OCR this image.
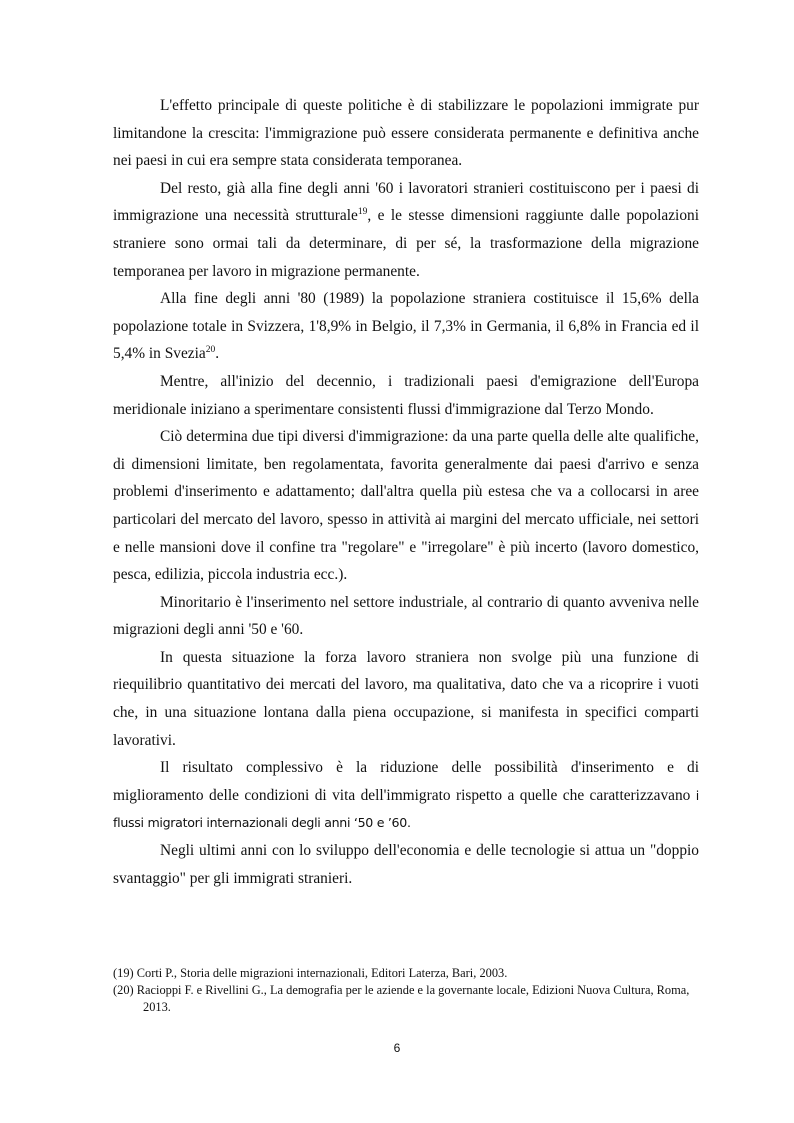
L'effetto principale di queste politiche è di stabilizzare le popolazioni immigrate pur limitandone la crescita: l'immigrazione può essere considerata permanente e definitiva anche nei paesi in cui era sempre stata considerata temporanea.

Del resto, già alla fine degli anni '60 i lavoratori stranieri costituiscono per i paesi di immigrazione una necessità strutturale$^{19}$, e le stesse dimensioni raggiunte dalle popolazioni straniere sono ormai tali da determinare, di per sé, la trasformazione della migrazione temporanea per lavoro in migrazione permanente.

Alla fine degli anni '80 (1989) la popolazione straniera costituisce il 15,6% della popolazione totale in Svizzera, 1'8,9% in Belgio, il 7,3% in Germania, il 6,8% in Francia ed il 5,4% in Svezia$^{20}$.

Mentre, all'inizio del decennio, i tradizionali paesi d'emigrazione dell'Europa meridionale iniziano a sperimentare consistenti flussi d'immigrazione dal Terzo Mondo.

Ciò determina due tipi diversi d'immigrazione: da una parte quella delle alte qualifiche, di dimensioni limitate, ben regolamentata, favorita generalmente dai paesi d'arrivo e senza problemi d'inserimento e adattamento; dall'altra quella più estesa che va a collocarsi in aree particolari del mercato del lavoro, spesso in attività ai margini del mercato ufficiale, nei settori e nelle mansioni dove il confine tra "regolare" e "irregolare" è più incerto (lavoro domestico, pesca, edilizia, piccola industria ecc.).

Minoritario è l'inserimento nel settore industriale, al contrario di quanto avveniva nelle migrazioni degli anni '50 e '60.

In questa situazione la forza lavoro straniera non svolge più una funzione di riequilibrio quantitativo dei mercati del lavoro, ma qualitativa, dato che va a ricoprire i vuoti che, in una situazione lontana dalla piena occupazione, si manifesta in specifici comparti lavorativi.

Il risultato complessivo è la riduzione delle possibilità d'inserimento e di miglioramento delle condizioni di vita dell'immigrato rispetto a quelle che caratterizzavano i flussi migratori internazionali degli anni ‘50 e ’60.

Negli ultimi anni con lo sviluppo dell'economia e delle tecnologie si attua un "doppio svantaggio" per gli immigrati stranieri.

(19) Corti P., Storia delle migrazioni internazionali, Editori Laterza, Bari, 2003.

(20) Racioppi F. e Rivellini G., La demografia per le aziende e la governante locale, Edizioni Nuova Cultura, Roma, 2013.

6
